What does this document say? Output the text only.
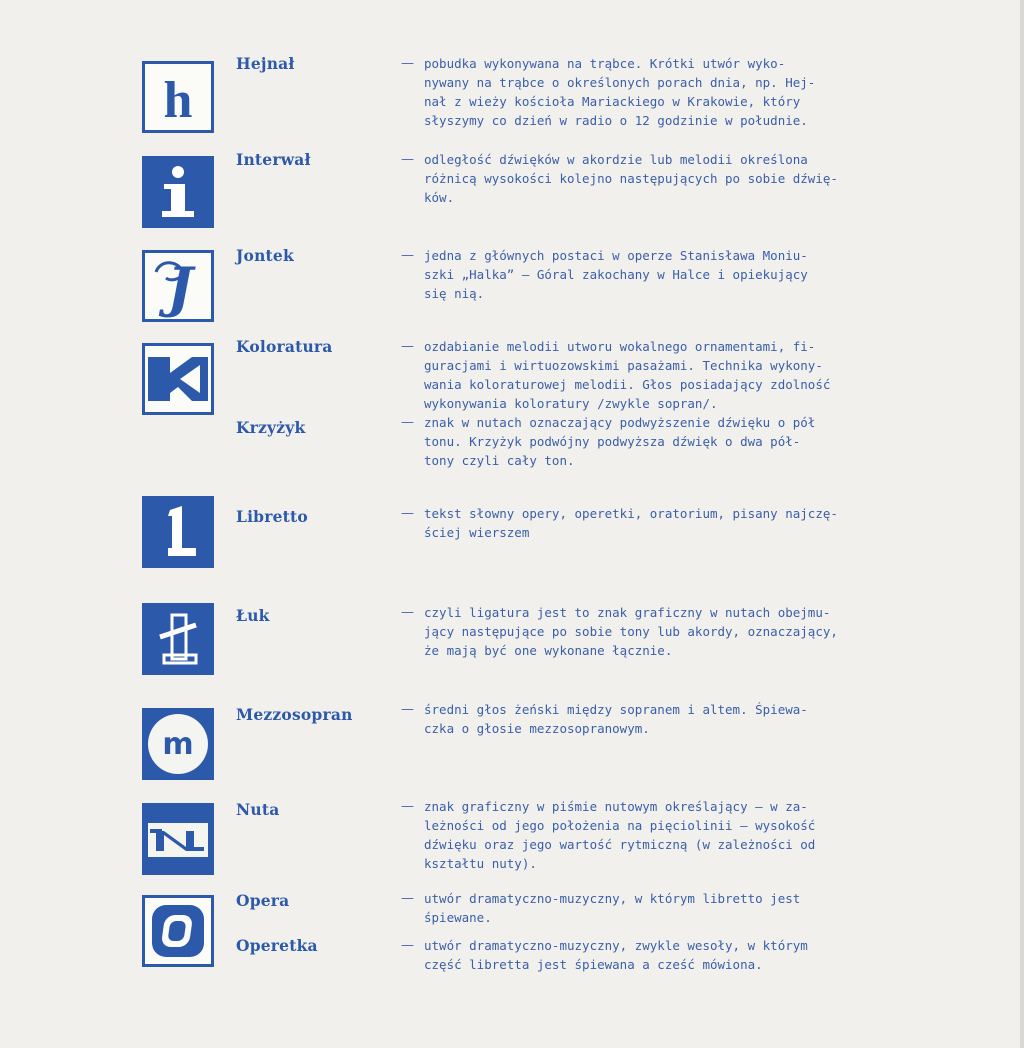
h
Hejnał	— pobudka wykonywana na trąbce. Krótki utwór wyko-
nywany na trąbce o określonych porach dnia, np. Hej-
nał z wieży kościoła Mariackiego w Krakowie, który
słyszymy co dzień w radio o 12 godzinie w południe.
Interwał	— odległość dźwięków w akordzie lub melodii określona
różnicą wysokości kolejno następujących po sobie dźwię-
ków.
J	Jontek	— jedna z głównych postaci w operze Stanisława Moniu-
szki „Halka” — Góral zakochany w Halce i opiekujący
się nią.
Koloratura	— ozdabianie melodii utworu wokalnego ornamentami, fi-
guracjami i wirtuozowskimi pasażami. Technika wykony-
wania koloraturowej melodii. Głos posiadający zdolność
wykonywania koloratury /zwykle sopran/.
Krzyżyk	— znak w nutach oznaczający podwyższenie dźwięku o pół
tonu. Krzyżyk podwójny podwyższa dźwięk o dwa pół-
tony czyli cały ton.
Libretto	— tekst słowny opery, operetki, oratorium, pisany najczę-
ściej wierszem
Łuk	— czyli ligatura jest to znak graficzny w nutach obejmu-
jący następujące po sobie tony lub akordy, oznaczający,
że mają być one wykonane łącznie.
m
Mezzosopran	— średni głos żeński między sopranem i altem. Śpiewa-
czka o głosie mezzosopranowym.
Nuta	— znak graficzny w piśmie nutowym określający — w za-
leżności od jego położenia na pięciolinii — wysokość
dźwięku oraz jego wartość rytmiczną (w zależności od
kształtu nuty).
Opera	— utwór dramatyczno-muzyczny, w którym libretto jest
śpiewane.
Operetka	— utwór dramatyczno-muzyczny, zwykle wesoły, w którym
część libretta jest śpiewana a cześć mówiona.
